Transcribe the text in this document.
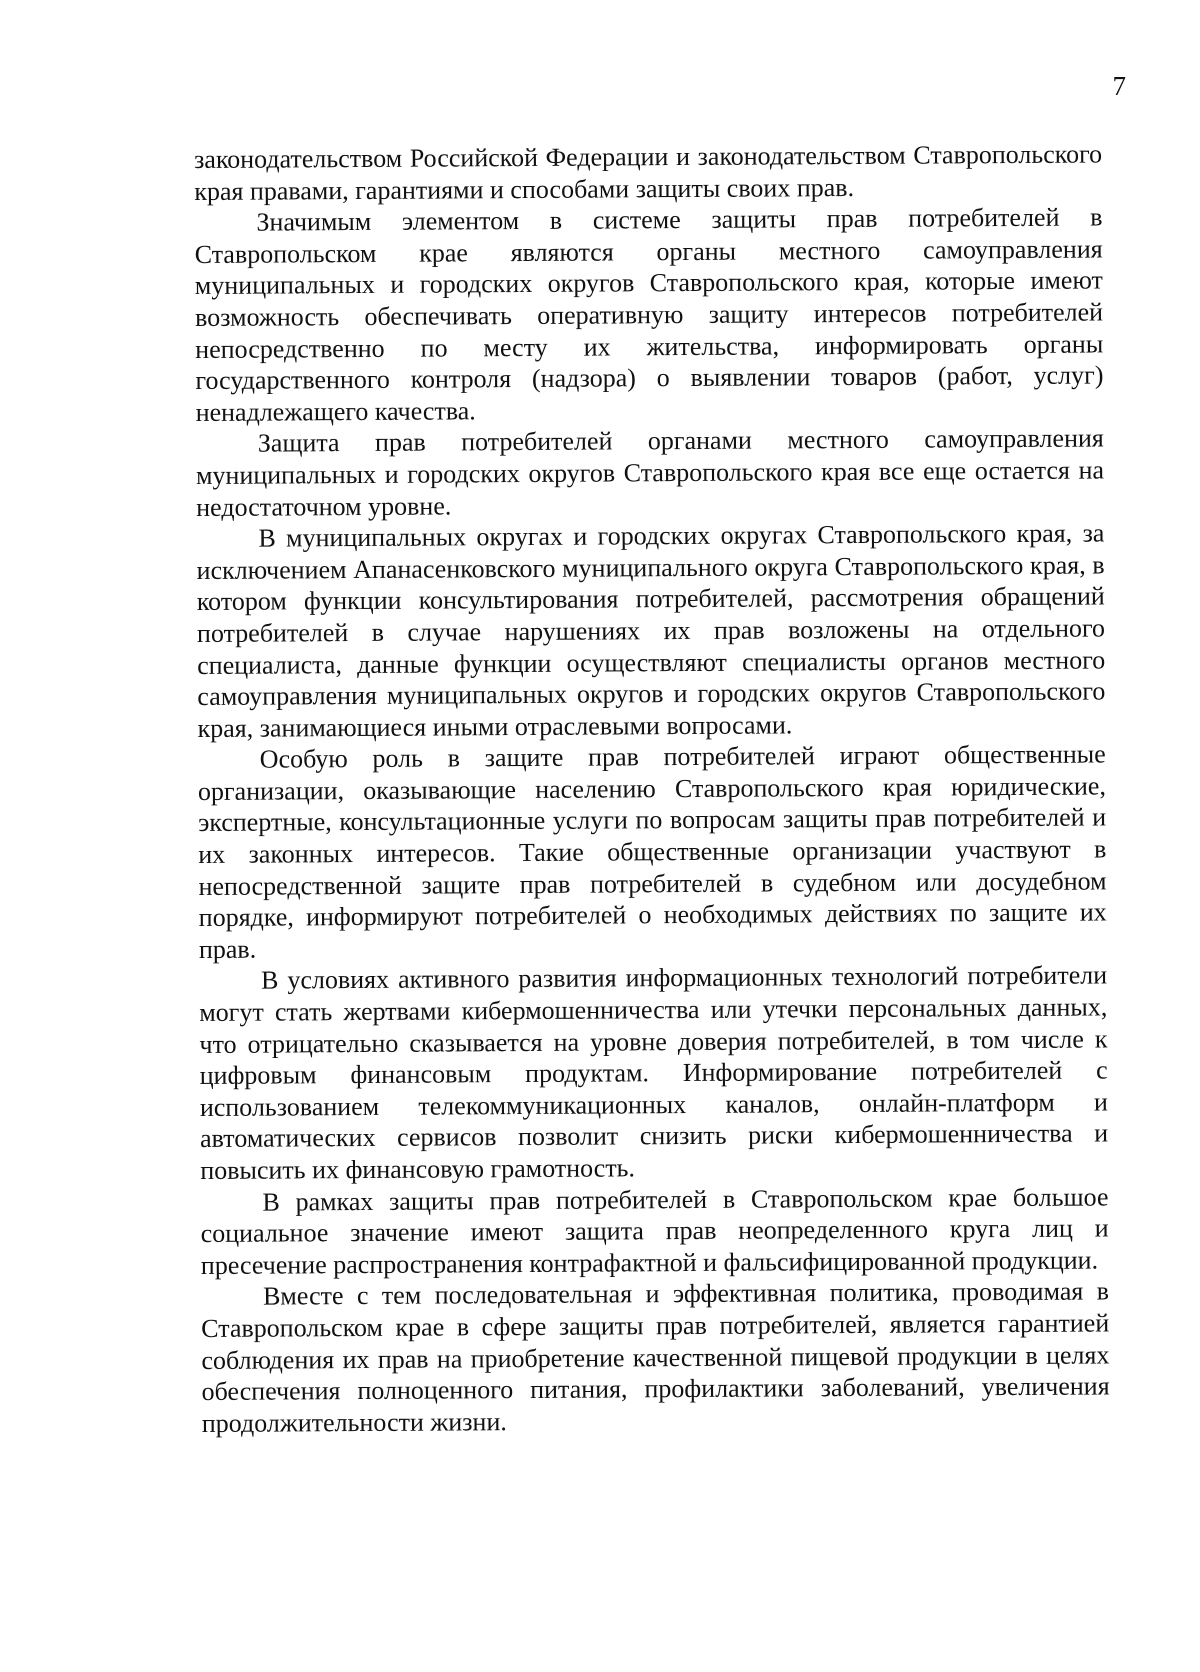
7

законодательством Российской Федерации и законодательством Ставропольского края правами, гарантиями и способами защиты своих прав.

Значимым элементом в системе защиты прав потребителей в Ставропольском крае являются органы местного самоуправления муниципальных и городских округов Ставропольского края, которые имеют возможность обеспечивать оперативную защиту интересов потребителей непосредственно по месту их жительства, информировать органы государственного контроля (надзора) о выявлении товаров (работ, услуг) ненадлежащего качества.

Защита прав потребителей органами местного самоуправления муниципальных и городских округов Ставропольского края все еще остается на недостаточном уровне.

В муниципальных округах и городских округах Ставропольского края, за исключением Апанасенковского муниципального округа Ставропольского края, в котором функции консультирования потребителей, рассмотрения обращений потребителей в случае нарушениях их прав возложены на отдельного специалиста, данные функции осуществляют специалисты органов местного самоуправления муниципальных округов и городских округов Ставропольского края, занимающиеся иными отраслевыми вопросами.

Особую роль в защите прав потребителей играют общественные организации, оказывающие населению Ставропольского края юридические, экспертные, консультационные услуги по вопросам защиты прав потребителей и их законных интересов. Такие общественные организации участвуют в непосредственной защите прав потребителей в судебном или досудебном порядке, информируют потребителей о необходимых действиях по защите их прав.

В условиях активного развития информационных технологий потребители могут стать жертвами кибермошенничества или утечки персональных данных, что отрицательно сказывается на уровне доверия потребителей, в том числе к цифровым финансовым продуктам. Информирование потребителей с использованием телекоммуникационных каналов, онлайн-платформ и автоматических сервисов позволит снизить риски кибермошенничества и повысить их финансовую грамотность.

В рамках защиты прав потребителей в Ставропольском крае большое социальное значение имеют защита прав неопределенного круга лиц и пресечение распространения контрафактной и фальсифицированной продукции.

Вместе с тем последовательная и эффективная политика, проводимая в Ставропольском крае в сфере защиты прав потребителей, является гарантией соблюдения их прав на приобретение качественной пищевой продукции в целях обеспечения полноценного питания, профилактики заболеваний, увеличения продолжительности жизни.
